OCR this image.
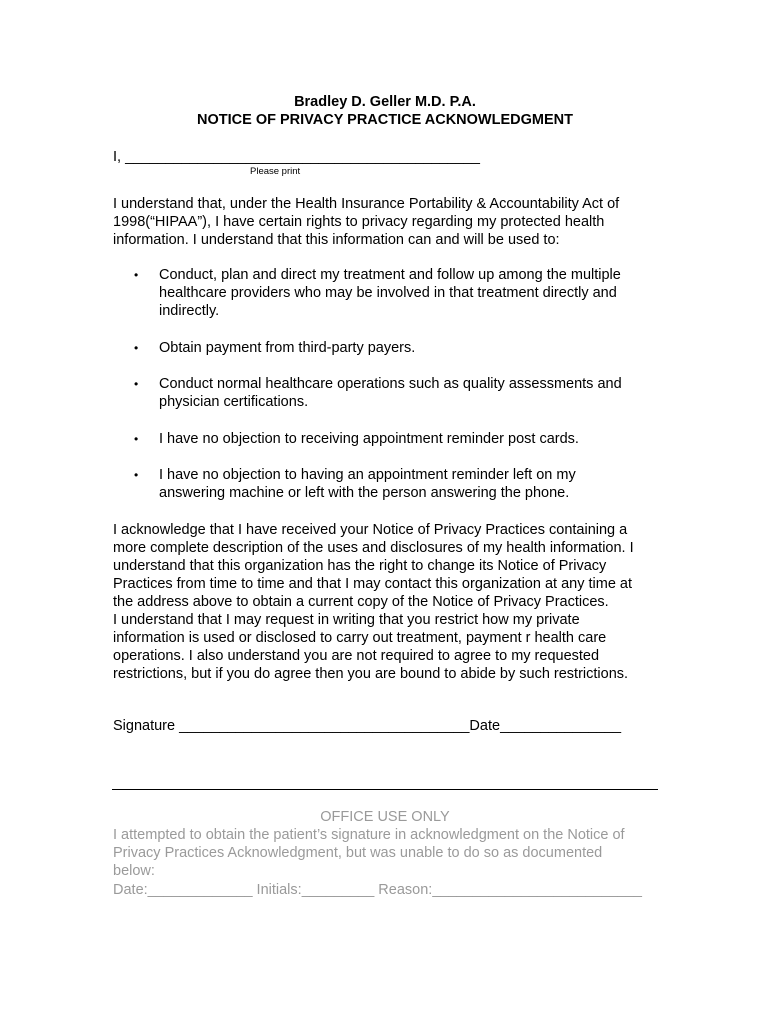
Bradley D. Geller M.D. P.A.
NOTICE OF PRIVACY PRACTICE ACKNOWLEDGMENT
I, ____________________________________________
Please print
I understand that, under the Health Insurance Portability & Accountability Act of
1998(“HIPAA”), I have certain rights to privacy regarding my protected health
information. I understand that this information can and will be used to:
• Conduct, plan and direct my treatment and follow up among the multiple
healthcare providers who may be involved in that treatment directly and
indirectly.
• Obtain payment from third-party payers.
• Conduct normal healthcare operations such as quality assessments and
physician certifications.
• I have no objection to receiving appointment reminder post cards.
• I have no objection to having an appointment reminder left on my
answering machine or left with the person answering the phone.
I acknowledge that I have received your Notice of Privacy Practices containing a
more complete description of the uses and disclosures of my health information. I
understand that this organization has the right to change its Notice of Privacy
Practices from time to time and that I may contact this organization at any time at
the address above to obtain a current copy of the Notice of Privacy Practices.
I understand that I may request in writing that you restrict how my private
information is used or disclosed to carry out treatment, payment r health care
operations. I also understand you are not required to agree to my requested
restrictions, but if you do agree then you are bound to abide by such restrictions.
Signature ____________________________________Date_______________
OFFICE USE ONLY
I attempted to obtain the patient’s signature in acknowledgment on the Notice of
Privacy Practices Acknowledgment, but was unable to do so as documented
below:
Date:_____________ Initials:_________ Reason:__________________________
